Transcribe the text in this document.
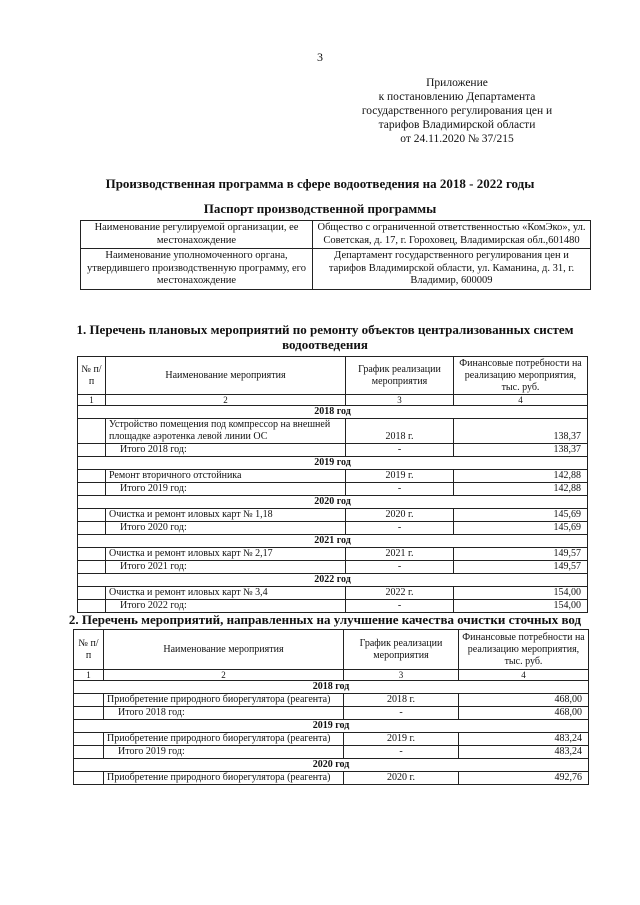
3
Приложение
к постановлению Департамента
государственного регулирования цен и
тарифов Владимирской области
от 24.11.2020 № 37/215
Производственная программа в сфере водоотведения на 2018 - 2022 годы
Паспорт производственной программы
Наименование регулируемой организации, ее местонахождение	Общество с ограниченной ответственностью «КомЭко», ул. Советская, д. 17, г. Гороховец, Владимирская обл.,601480
Наименование уполномоченного органа, утвердившего производственную программу, его местонахождение	Департамент государственного регулирования цен и тарифов Владимирской области, ул. Каманина, д. 31, г. Владимир, 600009
1. Перечень плановых мероприятий по ремонту объектов централизованных систем водоотведения
№ п/п	Наименование мероприятия	График реализации мероприятия	Финансовые потребности на реализацию мероприятия, тыс. руб.
1	2	3	4
2018 год			
	Устройство помещения под компрессор на внешней площадке аэротенка левой линии ОС	2018 г.	138,37
	Итого 2018 год:	-	138,37
2019 год			
	Ремонт вторичного отстойника	2019 г.	142,88
	Итого 2019 год:	-	142,88
2020 год			
	Очистка и ремонт иловых карт № 1,18	2020 г.	145,69
	Итого 2020 год:	-	145,69
2021 год			
	Очистка и ремонт иловых карт № 2,17	2021 г.	149,57
	Итого 2021 год:	-	149,57
2022 год			
	Очистка и ремонт иловых карт № 3,4	2022 г.	154,00
	Итого 2022 год:	-	154,00
2. Перечень мероприятий, направленных на улучшение качества очистки сточных вод
№ п/п	Наименование мероприятия	График реализации мероприятия	Финансовые потребности на реализацию мероприятия, тыс. руб.
1	2	3	4
2018 год			
	Приобретение природного биорегулятора (реагента)	2018 г.	468,00
	Итого 2018 год:	-	468,00
2019 год			
	Приобретение природного биорегулятора (реагента)	2019 г.	483,24
	Итого 2019 год:	-	483,24
2020 год			
	Приобретение природного биорегулятора (реагента)	2020 г.	492,76
